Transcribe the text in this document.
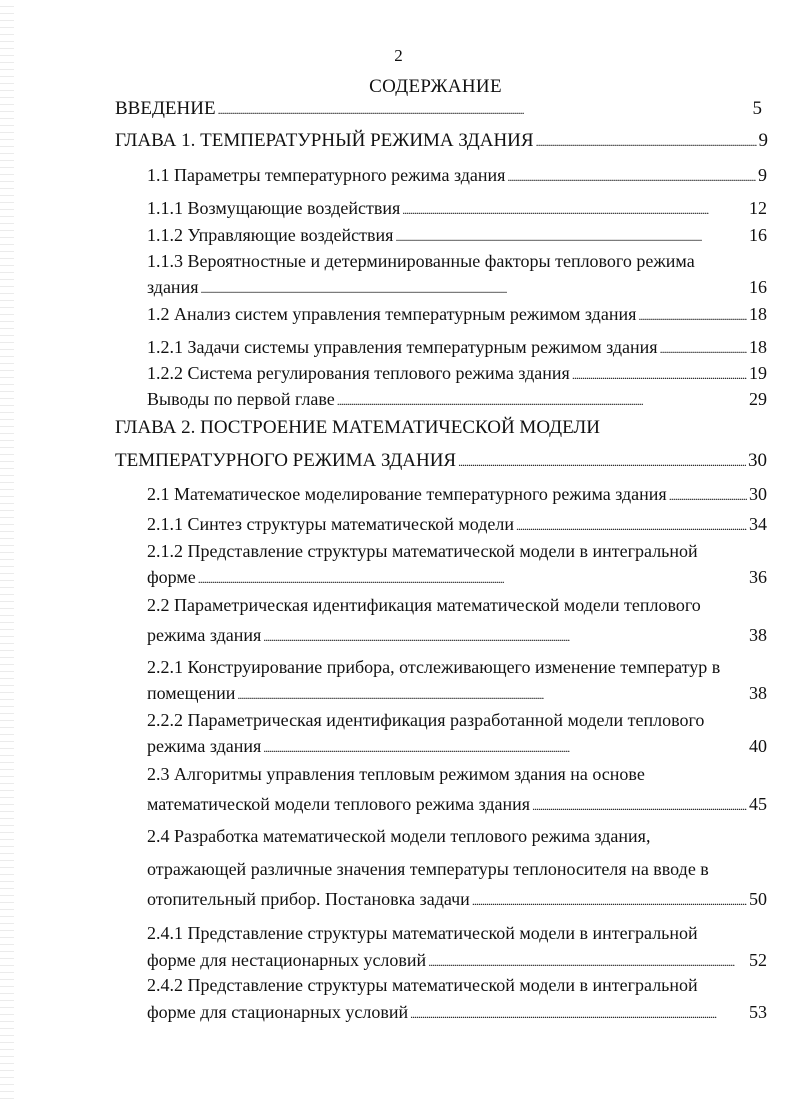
2
СОДЕРЖАНИЕ
ВВЕДЕНИЕ . . .	5
ГЛАВА 1. ТЕМПЕРАТУРНЫЙ РЕЖИМА ЗДАНИЯ . . .	9
1.1 Параметры температурного режима здания . . .	9
1.1.1 Возмущающие воздействия . . .	12
1.1.2 Управляющие воздействия . . .	16
1.1.3 Вероятностные и детерминированные факторы теплового режима
здания . . .	16
1.2 Анализ систем управления температурным режимом здания . . .	18
1.2.1 Задачи системы управления температурным режимом здания . . .	18
1.2.2 Система регулирования теплового режима здания . . .	19
Выводы по первой главе . . .	29
ГЛАВА 2. ПОСТРОЕНИЕ МАТЕМАТИЧЕСКОЙ МОДЕЛИ
ТЕМПЕРАТУРНОГО РЕЖИМА ЗДАНИЯ . . .	30
2.1 Математическое моделирование температурного режима здания . . .	30
2.1.1 Синтез структуры математической модели . . .	34
2.1.2 Представление структуры математической модели в интегральной
форме . . .	36
2.2 Параметрическая идентификация математической модели теплового
режима здания . . .	38
2.2.1 Конструирование прибора, отслеживающего изменение температур в
помещении . . .	38
2.2.2 Параметрическая идентификация разработанной модели теплового
режима здания . . .	40
2.3 Алгоритмы управления тепловым режимом здания на основе
математической модели теплового режима здания . . .	45
2.4 Разработка математической модели теплового режима здания,
отражающей различные значения температуры теплоносителя на вводе в
отопительный прибор. Постановка задачи . . .	50
2.4.1 Представление структуры математической модели в интегральной
форме для нестационарных условий . . .	52
2.4.2 Представление структуры математической модели в интегральной
форме для стационарных условий . . .	53
